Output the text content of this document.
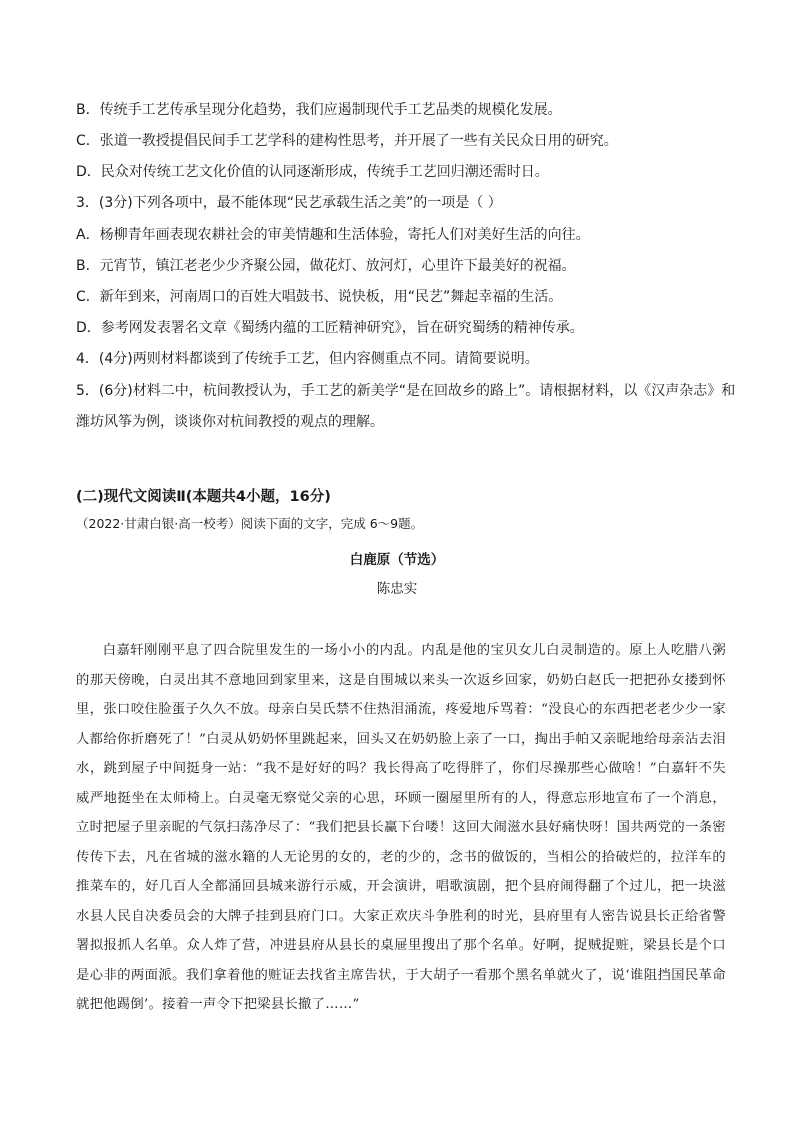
B．传统手工艺传承呈现分化趋势，我们应遏制现代手工艺品类的规模化发展。
C．张道一教授提倡民间手工艺学科的建构性思考，并开展了一些有关民众日用的研究。
D．民众对传统工艺文化价值的认同逐渐形成，传统手工艺回归潮还需时日。
3．(3分)下列各项中，最不能体现“民艺承载生活之美”的一项是（ ）
A．杨柳青年画表现农耕社会的审美情趣和生活体验，寄托人们对美好生活的向往。
B．元宵节，镇江老老少少齐聚公园，做花灯、放河灯，心里许下最美好的祝福。
C．新年到来，河南周口的百姓大唱鼓书、说快板，用“民艺”舞起幸福的生活。
D．参考网发表署名文章《蜀绣内蕴的工匠精神研究》，旨在研究蜀绣的精神传承。
4．(4分)两则材料都谈到了传统手工艺，但内容侧重点不同。请简要说明。
5．(6分)材料二中，杭间教授认为，手工艺的新美学“是在回故乡的路上”。请根据材料，以《汉声杂志》和
潍坊风筝为例，谈谈你对杭间教授的观点的理解。
(二)现代文阅读Ⅱ(本题共4小题，16分)
（2022·甘肃白银·高一校考）阅读下面的文字，完成 6～9题。
白鹿原（节选）
陈忠实

白嘉轩刚刚平息了四合院里发生的一场小小的内乱。内乱是他的宝贝女儿白灵制造的。原上人吃腊八粥的那天傍晚，白灵出其不意地回到家里来，这是自围城以来头一次返乡回家，奶奶白赵氏一把把孙女搂到怀里，张口咬住脸蛋子久久不放。母亲白吴氏禁不住热泪涌流，疼爱地斥骂着：“没良心的东西把老老少少一家人都给你折磨死了！”白灵从奶奶怀里跳起来，回头又在奶奶脸上亲了一口，掏出手帕又亲昵地给母亲沾去泪水，跳到屋子中间挺身一站：“我不是好好的吗？我长得高了吃得胖了，你们尽操那些心做啥！”白嘉轩不失威严地挺坐在太师椅上。白灵毫无察觉父亲的心思，环顾一圈屋里所有的人，得意忘形地宣布了一个消息，立时把屋子里亲昵的气氛扫荡净尽了：“我们把县长赢下台喽！这回大闹滋水县好痛快呀！国共两党的一条密传传下去，凡在省城的滋水籍的人无论男的女的，老的少的，念书的做饭的，当相公的拾破烂的，拉洋车的推菜车的，好几百人全都涌回县城来游行示威，开会演讲，唱歌演剧，把个县府闹得翻了个过儿，把一块滋水县人民自决委员会的大牌子挂到县府门口。大家正欢庆斗争胜利的时光，县府里有人密告说县长正给省警署拟报抓人名单。众人炸了营，冲进县府从县长的桌屉里搜出了那个名单。好啊，捉贼捉赃，梁县长是个口是心非的两面派。我们拿着他的赃证去找省主席告状，于大胡子一看那个黑名单就火了，说‘谁阻挡国民革命就把他踢倒’。接着一声令下把梁县长撤了……”
